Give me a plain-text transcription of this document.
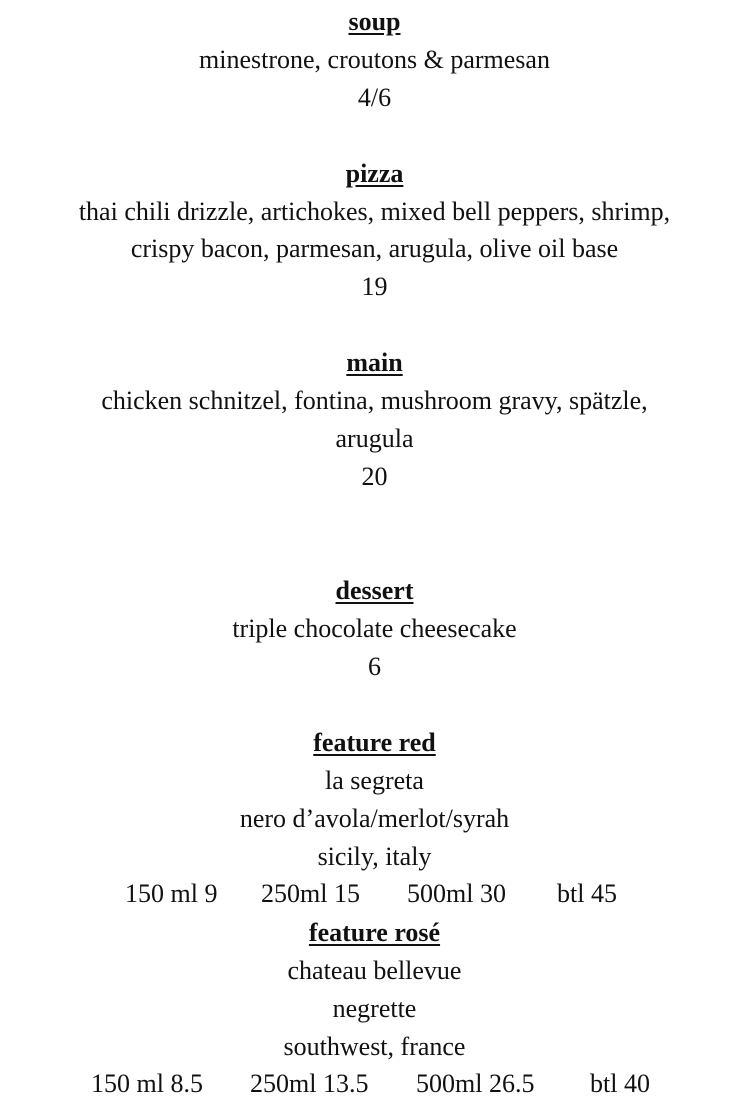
soup
minestrone, croutons & parmesan
4/6
pizza
thai chili drizzle, artichokes, mixed bell peppers, shrimp,
crispy bacon, parmesan, arugula, olive oil base
19
main
chicken schnitzel, fontina, mushroom gravy, spätzle,
arugula
20
dessert
triple chocolate cheesecake
6
feature red
la segreta
nero d’avola/merlot/syrah
sicily, italy
150 ml 9 250ml 15 500ml 30 btl 45
feature rosé
chateau bellevue
negrette
southwest, france
150 ml 8.5 250ml 13.5 500ml 26.5 btl 40
